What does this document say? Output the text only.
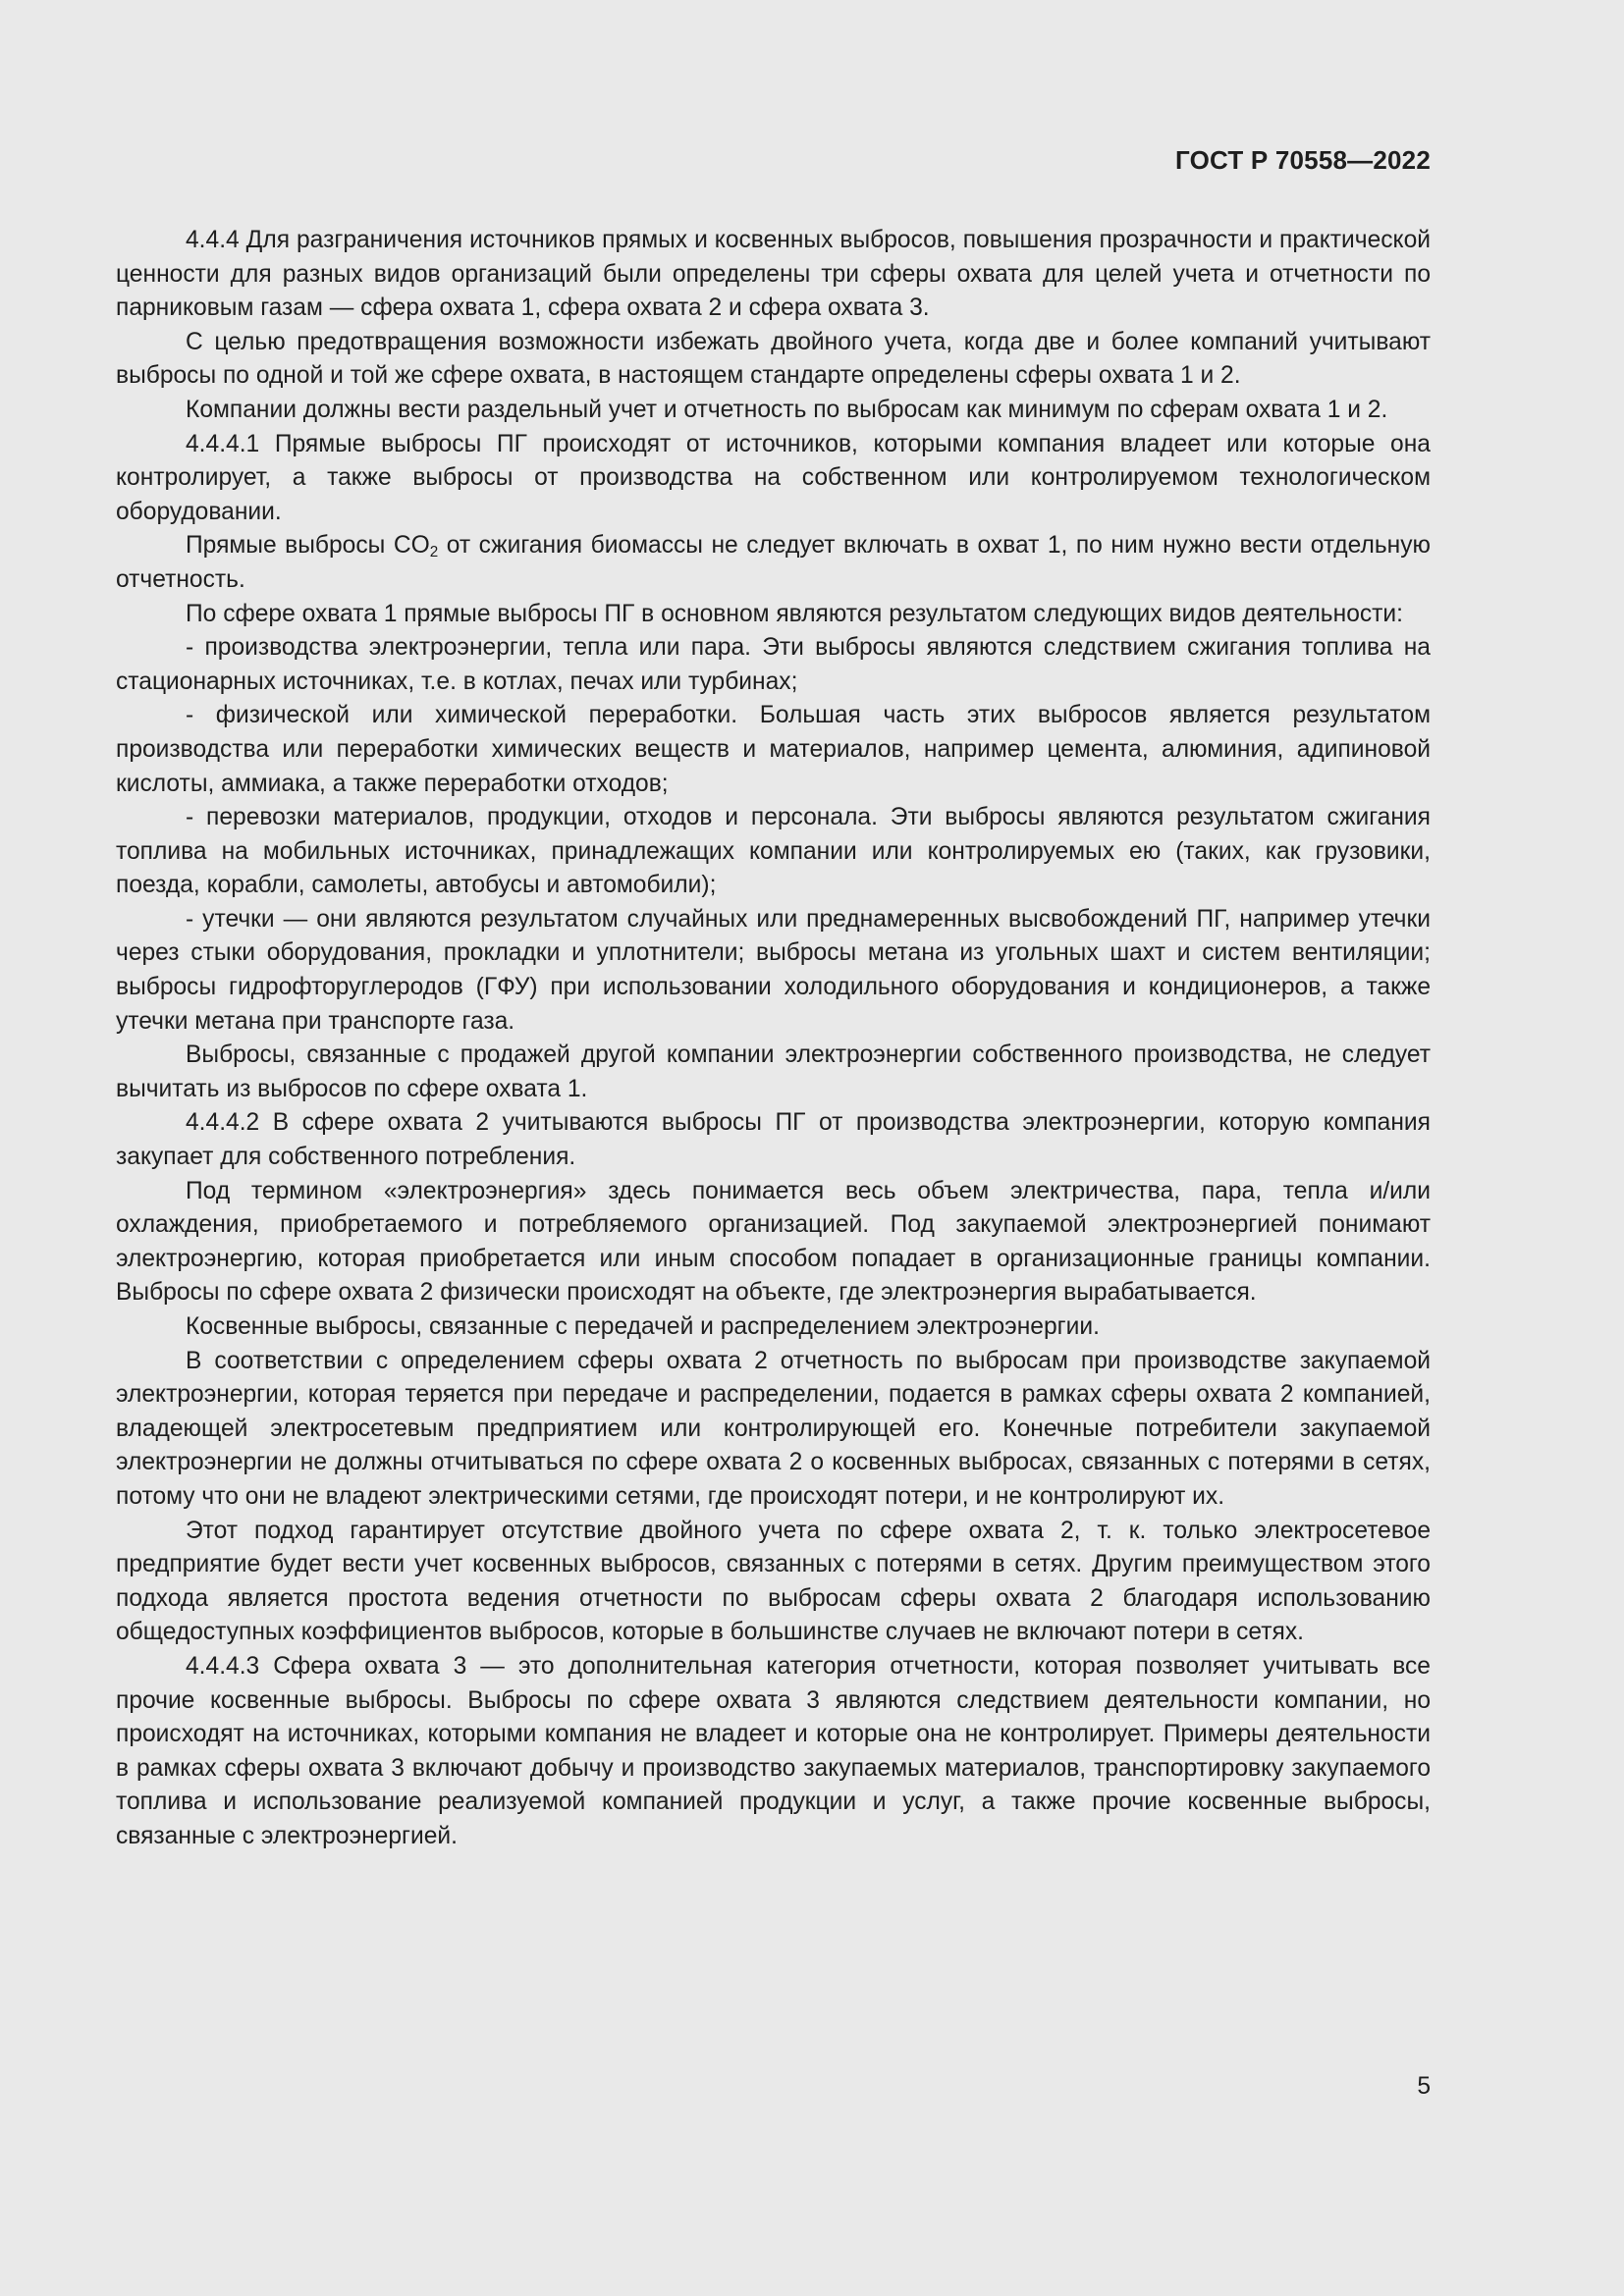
ГОСТ Р 70558—2022

4.4.4 Для разграничения источников прямых и косвенных выбросов, повышения прозрачности и практической ценности для разных видов организаций были определены три сферы охвата для целей учета и отчетности по парниковым газам — сфера охвата 1, сфера охвата 2 и сфера охвата 3.

С целью предотвращения возможности избежать двойного учета, когда две и более компаний учитывают выбросы по одной и той же сфере охвата, в настоящем стандарте определены сферы охвата 1 и 2.

Компании должны вести раздельный учет и отчетность по выбросам как минимум по сферам охвата 1 и 2.

4.4.4.1 Прямые выбросы ПГ происходят от источников, которыми компания владеет или которые она контролирует, а также выбросы от производства на собственном или контролируемом технологическом оборудовании.

Прямые выбросы $CO_2$ от сжигания биомассы не следует включать в охват 1, по ним нужно вести отдельную отчетность.

По сфере охвата 1 прямые выбросы ПГ в основном являются результатом следующих видов деятельности:

- производства электроэнергии, тепла или пара. Эти выбросы являются следствием сжигания топлива на стационарных источниках, т.е. в котлах, печах или турбинах;

- физической или химической переработки. Большая часть этих выбросов является результатом производства или переработки химических веществ и материалов, например цемента, алюминия, адипиновой кислоты, аммиака, а также переработки отходов;

- перевозки материалов, продукции, отходов и персонала. Эти выбросы являются результатом сжигания топлива на мобильных источниках, принадлежащих компании или контролируемых ею (таких, как грузовики, поезда, корабли, самолеты, автобусы и автомобили);

- утечки — они являются результатом случайных или преднамеренных высвобождений ПГ, например утечки через стыки оборудования, прокладки и уплотнители; выбросы метана из угольных шахт и систем вентиляции; выбросы гидрофторуглеродов (ГФУ) при использовании холодильного оборудования и кондиционеров, а также утечки метана при транспорте газа.

Выбросы, связанные с продажей другой компании электроэнергии собственного производства, не следует вычитать из выбросов по сфере охвата 1.

4.4.4.2 В сфере охвата 2 учитываются выбросы ПГ от производства электроэнергии, которую компания закупает для собственного потребления.

Под термином «электроэнергия» здесь понимается весь объем электричества, пара, тепла и/или охлаждения, приобретаемого и потребляемого организацией. Под закупаемой электроэнергией понимают электроэнергию, которая приобретается или иным способом попадает в организационные границы компании. Выбросы по сфере охвата 2 физически происходят на объекте, где электроэнергия вырабатывается.

Косвенные выбросы, связанные с передачей и распределением электроэнергии.

В соответствии с определением сферы охвата 2 отчетность по выбросам при производстве закупаемой электроэнергии, которая теряется при передаче и распределении, подается в рамках сферы охвата 2 компанией, владеющей электросетевым предприятием или контролирующей его. Конечные потребители закупаемой электроэнергии не должны отчитываться по сфере охвата 2 о косвенных выбросах, связанных с потерями в сетях, потому что они не владеют электрическими сетями, где происходят потери, и не контролируют их.

Этот подход гарантирует отсутствие двойного учета по сфере охвата 2, т. к. только электросетевое предприятие будет вести учет косвенных выбросов, связанных с потерями в сетях. Другим преимуществом этого подхода является простота ведения отчетности по выбросам сферы охвата 2 благодаря использованию общедоступных коэффициентов выбросов, которые в большинстве случаев не включают потери в сетях.

4.4.4.3 Сфера охвата 3 — это дополнительная категория отчетности, которая позволяет учитывать все прочие косвенные выбросы. Выбросы по сфере охвата 3 являются следствием деятельности компании, но происходят на источниках, которыми компания не владеет и которые она не контролирует. Примеры деятельности в рамках сферы охвата 3 включают добычу и производство закупаемых материалов, транспортировку закупаемого топлива и использование реализуемой компанией продукции и услуг, а также прочие косвенные выбросы, связанные с электроэнергией.

5
